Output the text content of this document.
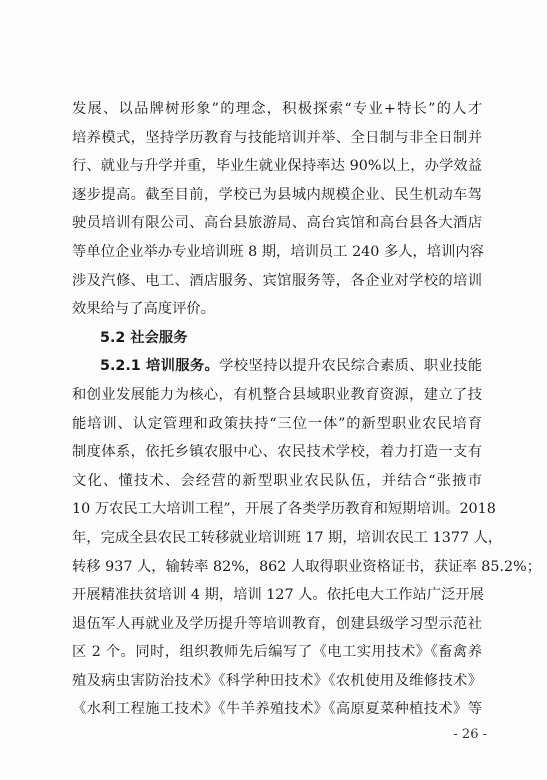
发展、以品牌树形象”的理念，积极探索“专业+特长”的人才
培养模式，坚持学历教育与技能培训并举、全日制与非全日制并
行、就业与升学并重，毕业生就业保持率达 90%以上，办学效益
逐步提高。截至目前，学校已为县城内规模企业、民生机动车驾
驶员培训有限公司、高台县旅游局、高台宾馆和高台县各大酒店
等单位企业举办专业培训班 8 期，培训员工 240 多人，培训内容
涉及汽修、电工、酒店服务、宾馆服务等，各企业对学校的培训
效果给与了高度评价。
5.2 社会服务
5.2.1 培训服务。学校坚持以提升农民综合素质、职业技能
和创业发展能力为核心，有机整合县域职业教育资源，建立了技
能培训、认定管理和政策扶持“三位一体”的新型职业农民培育
制度体系，依托乡镇农服中心、农民技术学校，着力打造一支有
文化、懂技术、会经营的新型职业农民队伍，并结合“张掖市
10 万农民工大培训工程”，开展了各类学历教育和短期培训。2018
年，完成全县农民工转移就业培训班 17 期，培训农民工 1377 人，
转移 937 人，输转率 82%，862 人取得职业资格证书，获证率 85.2%；
开展精准扶贫培训 4 期，培训 127 人。依托电大工作站广泛开展
退伍军人再就业及学历提升等培训教育，创建县级学习型示范社
区 2 个。同时，组织教师先后编写了《电工实用技术》《畜禽养
殖及病虫害防治技术》《科学种田技术》《农机使用及维修技术》
《水利工程施工技术》《牛羊养殖技术》《高原夏菜种植技术》等
- 26 -
